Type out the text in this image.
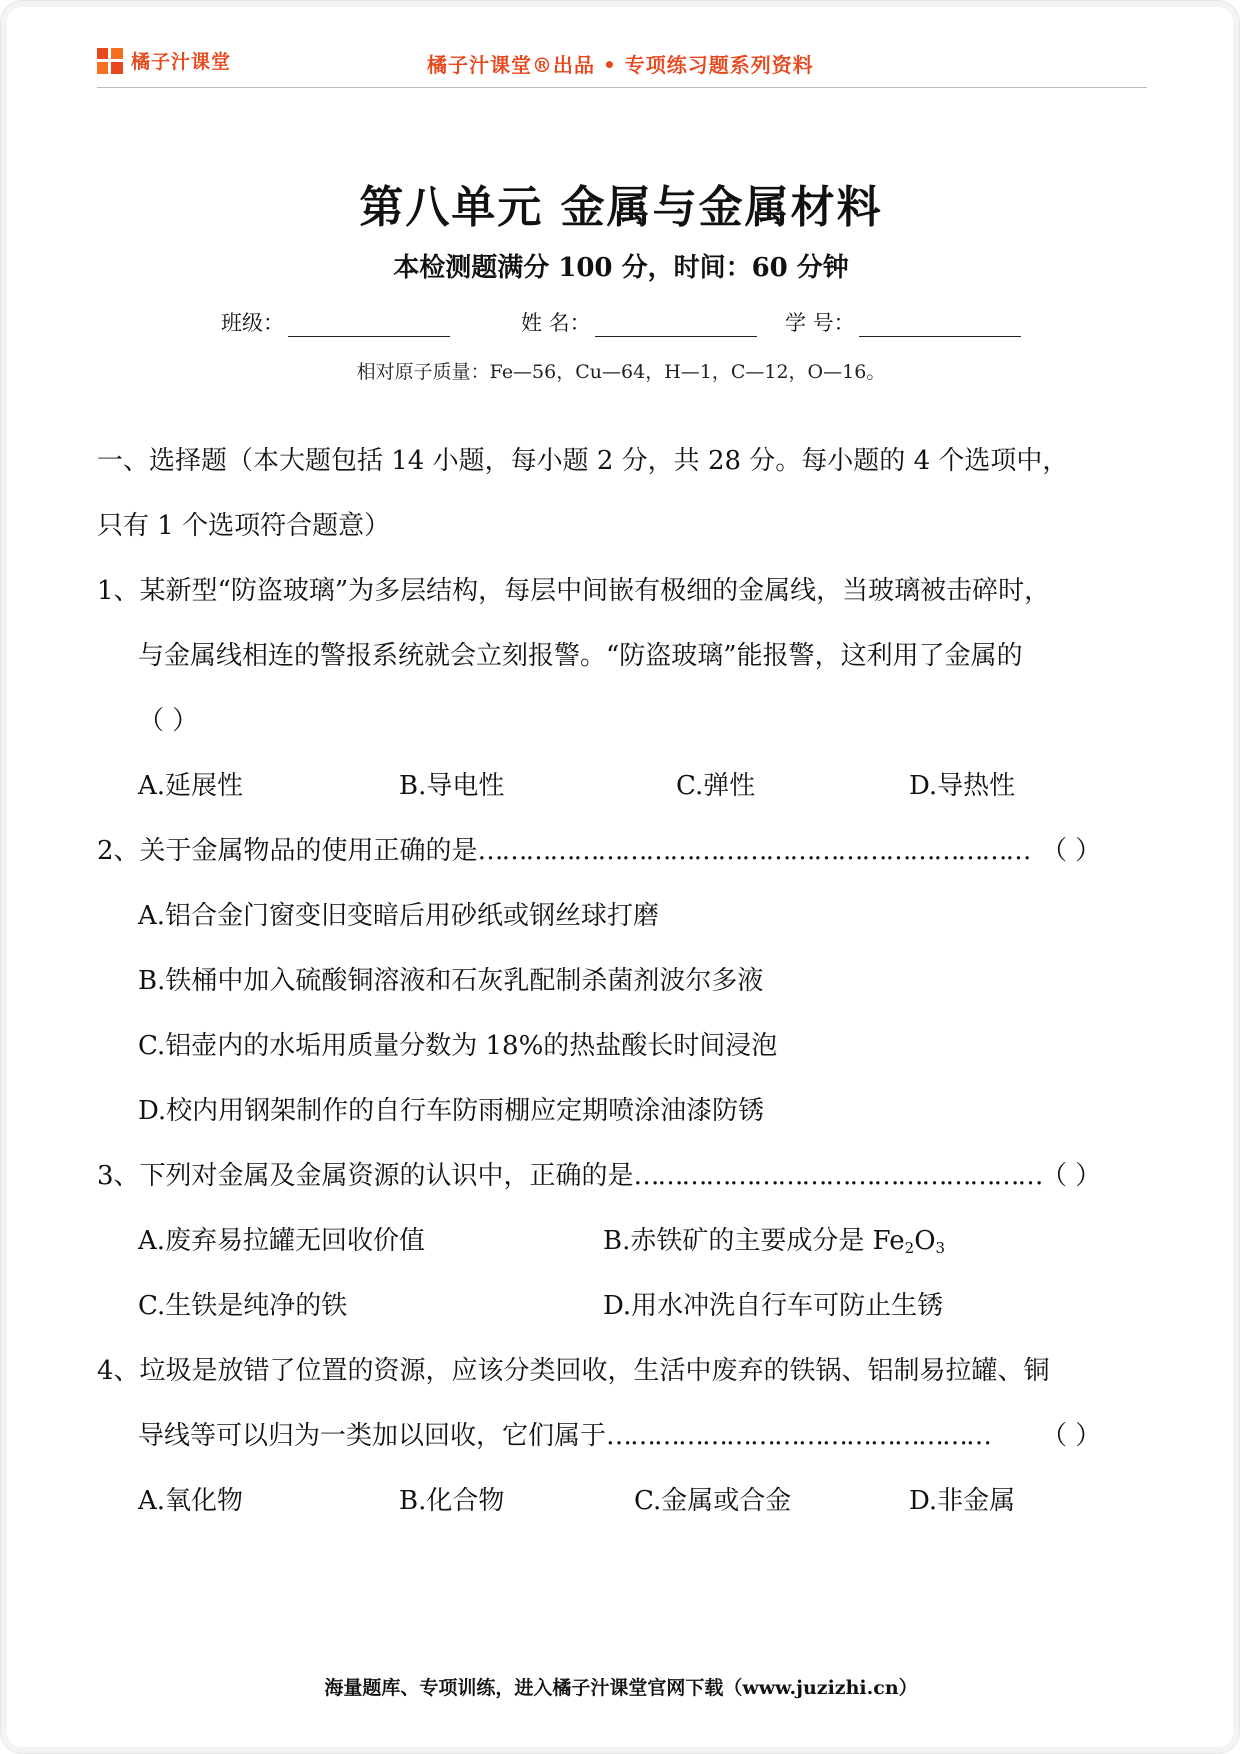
橘子汁课堂	橘子汁课堂®出品 • 专项练习题系列资料
第八单元 金属与金属材料
本检测题满分 100 分，时间：60 分钟
班级：	姓 名：	学 号：
相对原子质量：Fe—56，Cu—64，H—1，C—12，O—16。
一、选择题（本大题包括 14 小题，每小题 2 分，共 28 分。每小题的 4 个选项中，
只有 1 个选项符合题意）
1、某新型“防盗玻璃”为多层结构，每层中间嵌有极细的金属线，当玻璃被击碎时，
与金属线相连的警报系统就会立刻报警。“防盗玻璃”能报警，这利用了金属的
（ ）
A.延展性	B.导电性	C.弹性	D.导热性
2、关于金属物品的使用正确的是…………………………………………………………… （ ）
A.铝合金门窗变旧变暗后用砂纸或钢丝球打磨
B.铁桶中加入硫酸铜溶液和石灰乳配制杀菌剂波尔多液
C.铝壶内的水垢用质量分数为 18%的热盐酸长时间浸泡
D.校内用钢架制作的自行车防雨棚应定期喷涂油漆防锈
3、下列对金属及金属资源的认识中，正确的是…………………………………………… （ ）
A.废弃易拉罐无回收价值	B.赤铁矿的主要成分是 $Fe_2O_3$
C.生铁是纯净的铁	D.用水冲洗自行车可防止生锈
4、垃圾是放错了位置的资源，应该分类回收，生活中废弃的铁锅、铝制易拉罐、铜
导线等可以归为一类加以回收，它们属于………………………………………… （ ）
A.氧化物	B.化合物	C.金属或合金	D.非金属
海量题库、专项训练，进入橘子汁课堂官网下载（www.juzizhi.cn）
